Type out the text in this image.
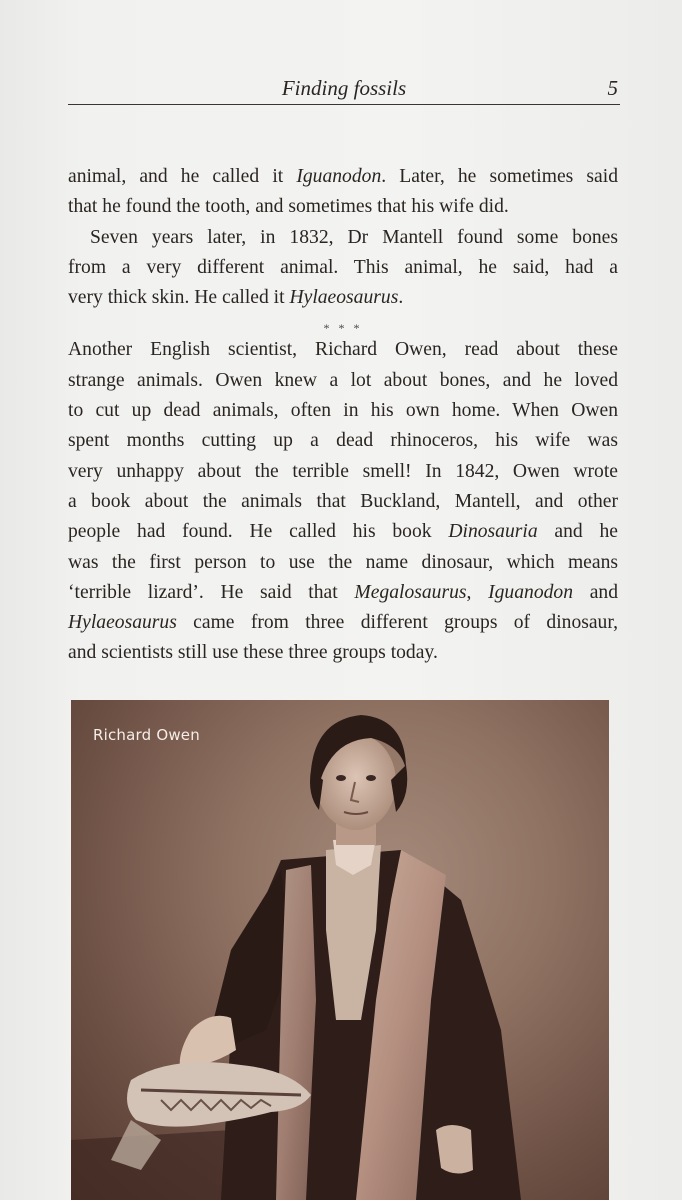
Finding fossils	5

animal, and he called it Iguanodon. Later, he sometimes said
that he found the tooth, and sometimes that his wife did.

Seven years later, in 1832, Dr Mantell found some bones
from a very different animal. This animal, he said, had a
very thick skin. He called it Hylaeosaurus.

* * *

Another English scientist, Richard Owen, read about these
strange animals. Owen knew a lot about bones, and he loved
to cut up dead animals, often in his own home. When Owen
spent months cutting up a dead rhinoceros, his wife was
very unhappy about the terrible smell! In 1842, Owen wrote
a book about the animals that Buckland, Mantell, and other
people had found. He called his book Dinosauria and he
was the first person to use the name dinosaur, which means
‘terrible lizard’. He said that Megalosaurus, Iguanodon and
Hylaeosaurus came from three different groups of dinosaur,
and scientists still use these three groups today.

Richard Owen
